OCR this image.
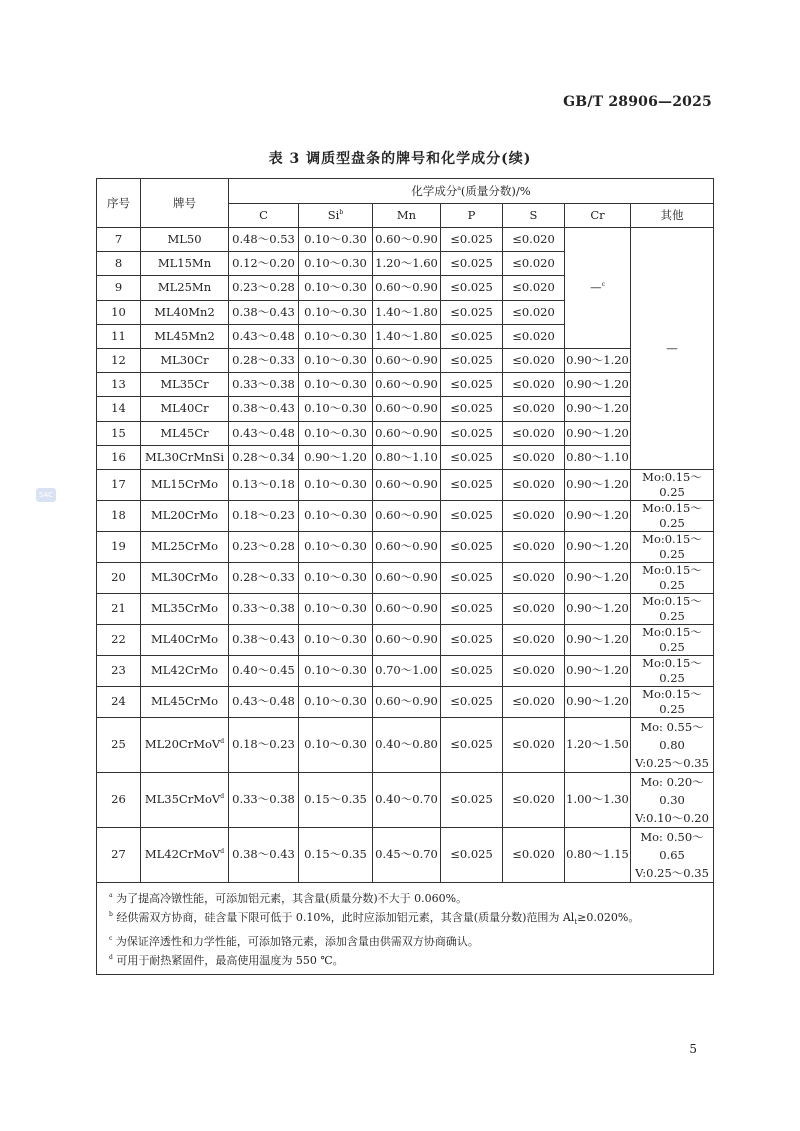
GB/T 28906—2025
表 3 调质型盘条的牌号和化学成分(续)
SAC
序号	牌号	化学成分$^a$(质量分数)/%						
		C	Si$^b$	Mn	P	S	Cr	其他
7	ML50	0.48～0.53	0.10～0.30	0.60～0.90	≤0.025	≤0.020	—$^c$	—
8	ML15Mn	0.12～0.20	0.10～0.30	1.20～1.60	≤0.025	≤0.020		
9	ML25Mn	0.23～0.28	0.10～0.30	0.60～0.90	≤0.025	≤0.020		
10	ML40Mn2	0.38～0.43	0.10～0.30	1.40～1.80	≤0.025	≤0.020		
11	ML45Mn2	0.43～0.48	0.10～0.30	1.40～1.80	≤0.025	≤0.020		
12	ML30Cr	0.28～0.33	0.10～0.30	0.60～0.90	≤0.025	≤0.020	0.90～1.20	
13	ML35Cr	0.33～0.38	0.10～0.30	0.60～0.90	≤0.025	≤0.020	0.90～1.20	
14	ML40Cr	0.38～0.43	0.10～0.30	0.60～0.90	≤0.025	≤0.020	0.90～1.20	
15	ML45Cr	0.43～0.48	0.10～0.30	0.60～0.90	≤0.025	≤0.020	0.90～1.20	
16	ML30CrMnSi	0.28～0.34	0.90～1.20	0.80～1.10	≤0.025	≤0.020	0.80～1.10	
17	ML15CrMo	0.13～0.18	0.10～0.30	0.60～0.90	≤0.025	≤0.020	0.90～1.20	Mo:0.15～0.25
18	ML20CrMo	0.18～0.23	0.10～0.30	0.60～0.90	≤0.025	≤0.020	0.90～1.20	Mo:0.15～0.25
19	ML25CrMo	0.23～0.28	0.10～0.30	0.60～0.90	≤0.025	≤0.020	0.90～1.20	Mo:0.15～0.25
20	ML30CrMo	0.28～0.33	0.10～0.30	0.60～0.90	≤0.025	≤0.020	0.90～1.20	Mo:0.15～0.25
21	ML35CrMo	0.33～0.38	0.10～0.30	0.60～0.90	≤0.025	≤0.020	0.90～1.20	Mo:0.15～0.25
22	ML40CrMo	0.38～0.43	0.10～0.30	0.60～0.90	≤0.025	≤0.020	0.90～1.20	Mo:0.15～0.25
23	ML42CrMo	0.40～0.45	0.10～0.30	0.70～1.00	≤0.025	≤0.020	0.90～1.20	Mo:0.15～0.25
24	ML45CrMo	0.43～0.48	0.10～0.30	0.60～0.90	≤0.025	≤0.020	0.90～1.20	Mo:0.15～0.25
25	ML20CrMoV$^d$	0.18～0.23	0.10～0.30	0.40～0.80	≤0.025	≤0.020	1.20～1.50	Mo: 0.55～0.80
V:0.25～0.35

26	ML35CrMoV$^d$	0.33～0.38	0.15～0.35	0.40～0.70	≤0.025	≤0.020	1.00～1.30	Mo: 0.20～0.30
V:0.10～0.20

27	ML42CrMoV$^d$	0.38～0.43	0.15～0.35	0.45～0.70	≤0.025	≤0.020	0.80～1.15	Mo: 0.50～0.65
V:0.25～0.35

$^a$ 为了提高冷镦性能，可添加铝元素，其含量(质量分数)不大于 0.060%。
$^b$ 经供需双方协商，硅含量下限可低于 0.10%，此时应添加铝元素，其含量(质量分数)范围为 $Al_t\ge 0.020\%$。
$^c$ 为保证淬透性和力学性能，可添加铬元素，添加含量由供需双方协商确认。
$^d$ 可用于耐热紧固件，最高使用温度为 550 ℃。								
5
